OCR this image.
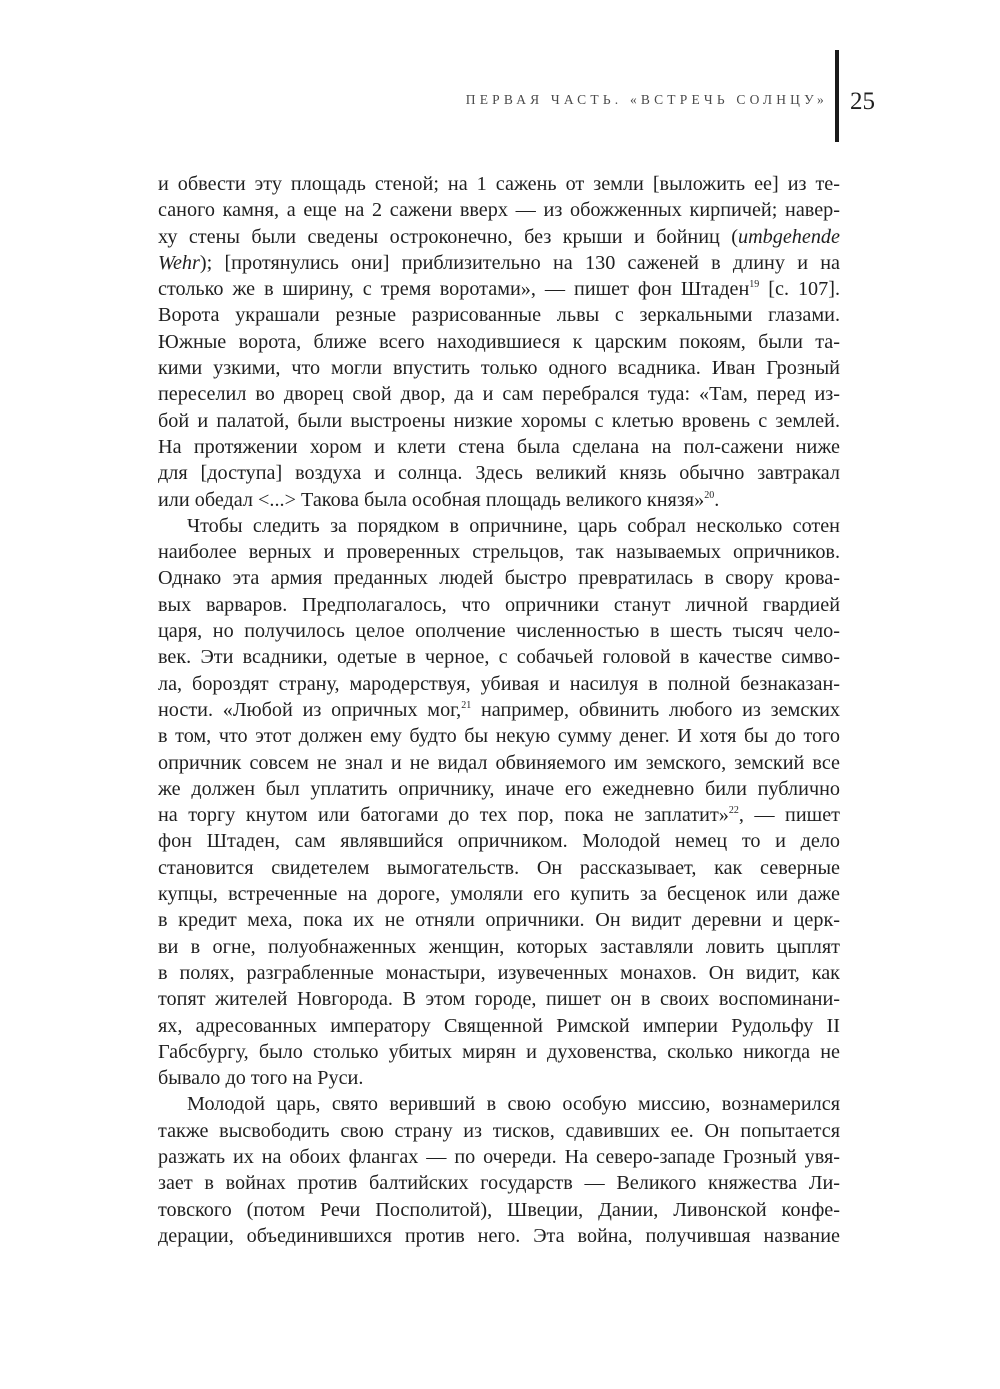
ПЕРВАЯ ЧАСТЬ. «ВСТРЕЧЬ СОЛНЦУ» 25

и обвести эту площадь стеной; на 1 сажень от земли [выложить ее] из те-
саного камня, а еще на 2 сажени вверх — из обожженных кирпичей; навер-
ху стены были сведены остроконечно, без крыши и бойниц (umbgehende
Wehr); [протянулись они] приблизительно на 130 саженей в длину и на
столько же в ширину, с тремя воротами», — пишет фон Штаден$^{19}$ [с. 107].
Ворота украшали резные разрисованные львы с зеркальными глазами.
Южные ворота, ближе всего находившиеся к царским покоям, были та-
кими узкими, что могли впустить только одного всадника. Иван Грозный
переселил во дворец свой двор, да и сам перебрался туда: «Там, перед из-
бой и палатой, были выстроены низкие хоромы с клетью вровень с землей.
На протяжении хором и клети стена была сделана на пол-сажени ниже
для [доступа] воздуха и солнца. Здесь великий князь обычно завтракал
или обедал <...> Такова была особная площадь великого князя»$^{20}$.

Чтобы следить за порядком в опричнине, царь собрал несколько сотен
наиболее верных и проверенных стрельцов, так называемых опричников.
Однако эта армия преданных людей быстро превратилась в свору крова-
вых варваров. Предполагалось, что опричники станут личной гвардией
царя, но получилось целое ополчение численностью в шесть тысяч чело-
век. Эти всадники, одетые в черное, с собачьей головой в качестве симво-
ла, бороздят страну, мародерствуя, убивая и насилуя в полной безнаказан-
ности. «Любой из опричных мог,$^{21}$ например, обвинить любого из земских
в том, что этот должен ему будто бы некую сумму денег. И хотя бы до того
опричник совсем не знал и не видал обвиняемого им земского, земский все
же должен был уплатить опричнику, иначе его ежедневно били публично
на торгу кнутом или батогами до тех пор, пока не заплатит»$^{22}$, — пишет
фон Штаден, сам являвшийся опричником. Молодой немец то и дело
становится свидетелем вымогательств. Он рассказывает, как северные
купцы, встреченные на дороге, умоляли его купить за бесценок или даже
в кредит меха, пока их не отняли опричники. Он видит деревни и церк-
ви в огне, полуобнаженных женщин, которых заставляли ловить цыплят
в полях, разграбленные монастыри, изувеченных монахов. Он видит, как
топят жителей Новгорода. В этом городе, пишет он в своих воспоминани-
ях, адресованных императору Священной Римской империи Рудольфу II
Габсбургу, было столько убитых мирян и духовенства, сколько никогда не
бывало до того на Руси.

Молодой царь, свято веривший в свою особую миссию, вознамерился
также высвободить свою страну из тисков, сдавивших ее. Он попытается
разжать их на обоих флангах — по очереди. На северо-западе Грозный увя-
зает в войнах против балтийских государств — Великого княжества Ли-
товского (потом Речи Посполитой), Швеции, Дании, Ливонской конфе-
дерации, объединившихся против него. Эта война, получившая название
